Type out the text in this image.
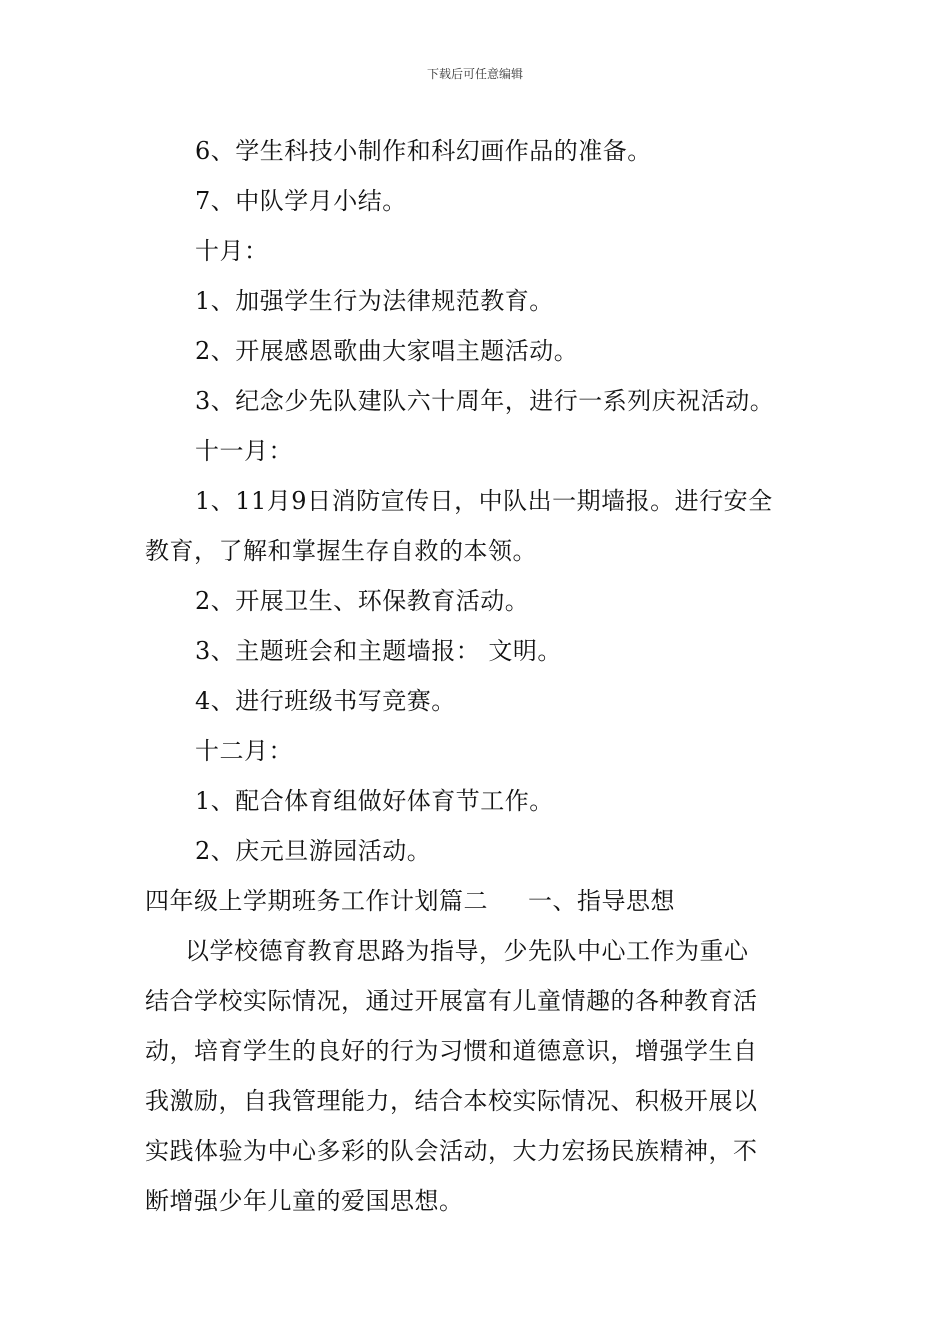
下载后可任意编辑
6、学生科技小制作和科幻画作品的准备。
7、中队学月小结。
十月：
1、加强学生行为法律规范教育。
2、开展感恩歌曲大家唱主题活动。
3、纪念少先队建队六十周年，进行一系列庆祝活动。
十一月：
1、11月9日消防宣传日，中队出一期墙报。进行安全
教育，了解和掌握生存自救的本领。
2、开展卫生、环保教育活动。
3、主题班会和主题墙报： 文明。
4、进行班级书写竞赛。
十二月：
1、配合体育组做好体育节工作。
2、庆元旦游园活动。
四年级上学期班务工作计划篇二 一、指导思想
以学校德育教育思路为指导，少先队中心工作为重心
结合学校实际情况，通过开展富有儿童情趣的各种教育活
动，培育学生的良好的行为习惯和道德意识，增强学生自
我激励，自我管理能力，结合本校实际情况、积极开展以
实践体验为中心多彩的队会活动，大力宏扬民族精神，不
断增强少年儿童的爱国思想。
